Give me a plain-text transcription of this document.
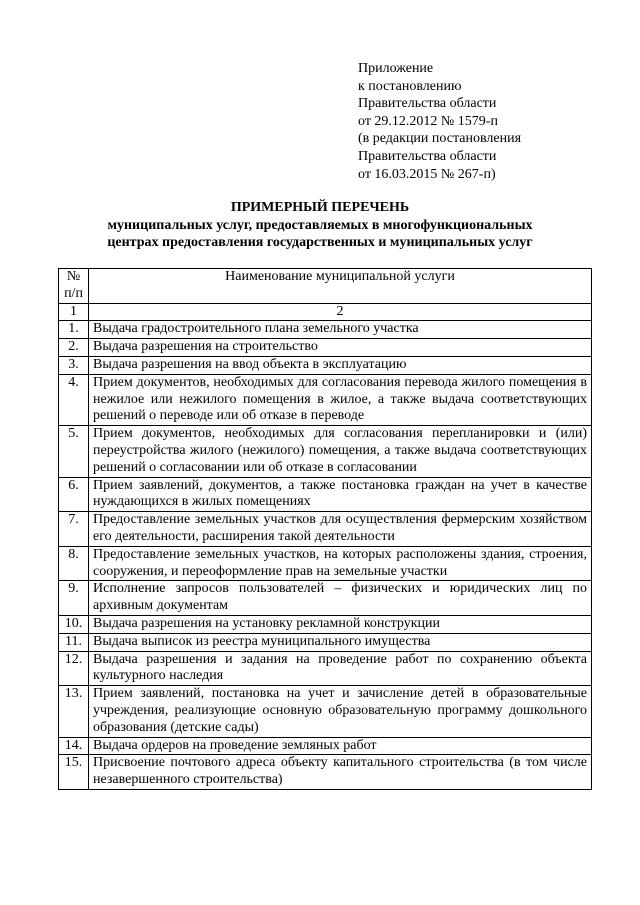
Приложение
к постановлению
Правительства области
от 29.12.2012 № 1579-п
(в редакции постановления
Правительства области
от 16.03.2015 № 267-п)
ПРИМЕРНЫЙ ПЕРЕЧЕНЬ
муниципальных услуг, предоставляемых в многофункциональных
центрах предоставления государственных и муниципальных услуг
№
п/п	Наименование муниципальной услуги
1	2
1.	Выдача градостроительного плана земельного участка
2.	Выдача разрешения на строительство
3.	Выдача разрешения на ввод объекта в эксплуатацию
4.	Прием документов, необходимых для согласования перевода жилого помещения в нежилое или нежилого помещения в жилое, а также выдача соответствующих решений о переводе или об отказе в переводе
5.	Прием документов, необходимых для согласования перепланировки и (или) переустройства жилого (нежилого) помещения, а также выдача соответствующих решений о согласовании или об отказе в согласовании
6.	Прием заявлений, документов, а также постановка граждан на учет в качестве нуждающихся в жилых помещениях
7.	Предоставление земельных участков для осуществления фермерским хозяйством его деятельности, расширения такой деятельности
8.	Предоставление земельных участков, на которых расположены здания, строения, сооружения, и переоформление прав на земельные участки
9.	Исполнение запросов пользователей – физических и юридических лиц по архивным документам
10.	Выдача разрешения на установку рекламной конструкции
11.	Выдача выписок из реестра муниципального имущества
12.	Выдача разрешения и задания на проведение работ по сохранению объекта культурного наследия
13.	Прием заявлений, постановка на учет и зачисление детей в образовательные учреждения, реализующие основную образовательную программу дошкольного образования (детские сады)
14.	Выдача ордеров на проведение земляных работ
15.	Присвоение почтового адреса объекту капитального строительства (в том числе незавершенного строительства)
